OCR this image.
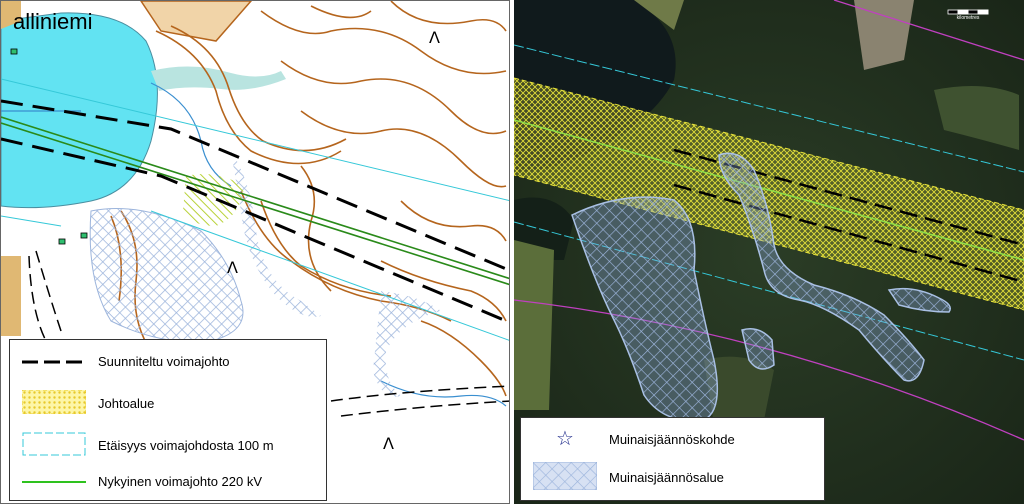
Λ
Λ
Λ
alliniemi
Suunniteltu voimajohto
Johtoalue
Etäisyys voimajohdosta 100 m
Nykyinen voimajohto 220 kV
kilometres
☆	Muinaisjäännöskohde
Muinaisjäännösalue
